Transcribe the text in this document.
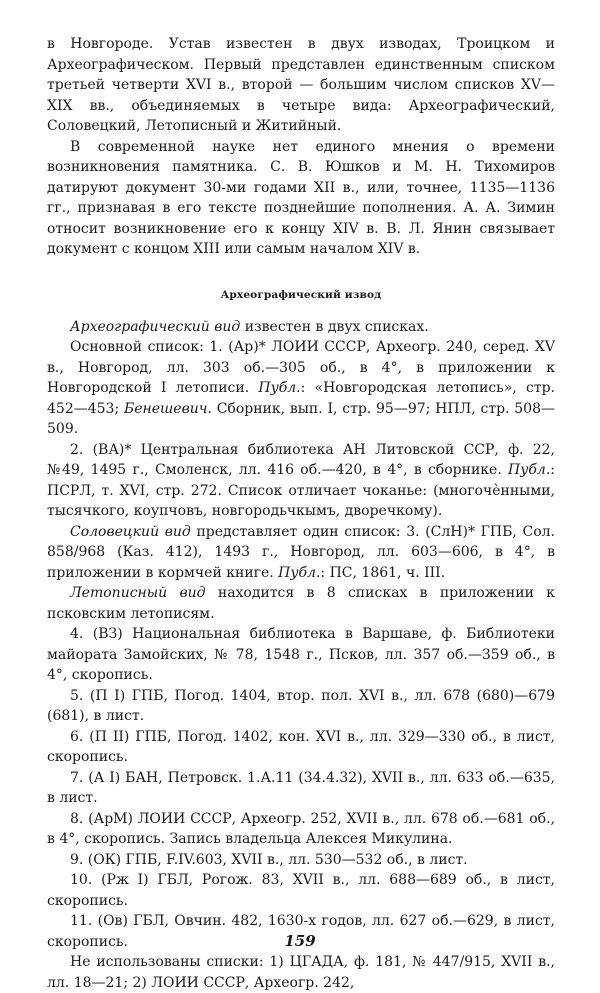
в Новгороде. Устав известен в двух изводах, Троицком и Археографическом. Первый представлен единственным списком третьей четверти XVI в., второй — большим числом списков XV—XIX вв., объединяемых в четыре вида: Археографический, Соловецкий, Летописный и Житийный.

В современной науке нет единого мнения о времени возникновения памятника. С. В. Юшков и М. Н. Тихомиров датируют документ 30-ми годами XII в., или, точнее, 1135—1136 гг., признавая в его тексте позднейшие пополнения. А. А. Зимин относит возникновение его к концу XIV в. В. Л. Янин связывает документ с концом XIII или самым началом XIV в.

Археографический извод

Археографический вид известен в двух списках.

Основной список: 1. (Ар)* ЛОИИ СССР, Археогр. 240, серед. XV в., Новгород, лл. 303 об.—305 об., в 4°, в приложении к Новгородской I летописи. Публ.: «Новгородская летопись», стр. 452—453; Бенешевич. Сборник, вып. I, стр. 95—97; НПЛ, стр. 508—509.

2. (ВА)* Центральная библиотека АН Литовской ССР, ф. 22, №49, 1495 г., Смоленск, лл. 416 об.—420, в 4°, в сборнике. Публ.: ПСРЛ, т. XVI, стр. 272. Список отличает чоканье: (многочѐнными, тысячкого, коупчовъ, новгородьчкымъ, дворечкому).

Соловецкий вид представляет один список: 3. (СлН)* ГПБ, Сол. 858/968 (Каз. 412), 1493 г., Новгород, лл. 603—606, в 4°, в приложении в кормчей книге. Публ.: ПС, 1861, ч. III.

Летописный вид находится в 8 списках в приложении к псковским летописям.

4. (ВЗ) Национальная библиотека в Варшаве, ф. Библиотеки майората Замойских, № 78, 1548 г., Псков, лл. 357 об.—359 об., в 4°, скоропись.

5. (П I) ГПБ, Погод. 1404, втор. пол. XVI в., лл. 678 (680)—679 (681), в лист.

6. (П II) ГПБ, Погод. 1402, кон. XVI в., лл. 329—330 об., в лист, скоропись.

7. (А I) БАН, Петровск. 1.А.11 (34.4.32), XVII в., лл. 633 об.—635, в лист.

8. (АрМ) ЛОИИ СССР, Археогр. 252, XVII в., лл. 678 об.—681 об., в 4°, скоропись. Запись владельца Алексея Микулина.

9. (ОК) ГПБ, F.IV.603, XVII в., лл. 530—532 об., в лист.

10. (Рж I) ГБЛ, Рогож. 83, XVII в., лл. 688—689 об., в лист, скоропись.

11. (Ов) ГБЛ, Овчин. 482, 1630-х годов, лл. 627 об.—629, в лист, скоропись.

Не использованы списки: 1) ЦГАДА, ф. 181, № 447/915, XVII в., лл. 18—21; 2) ЛОИИ СССР, Археогр. 242,

159
